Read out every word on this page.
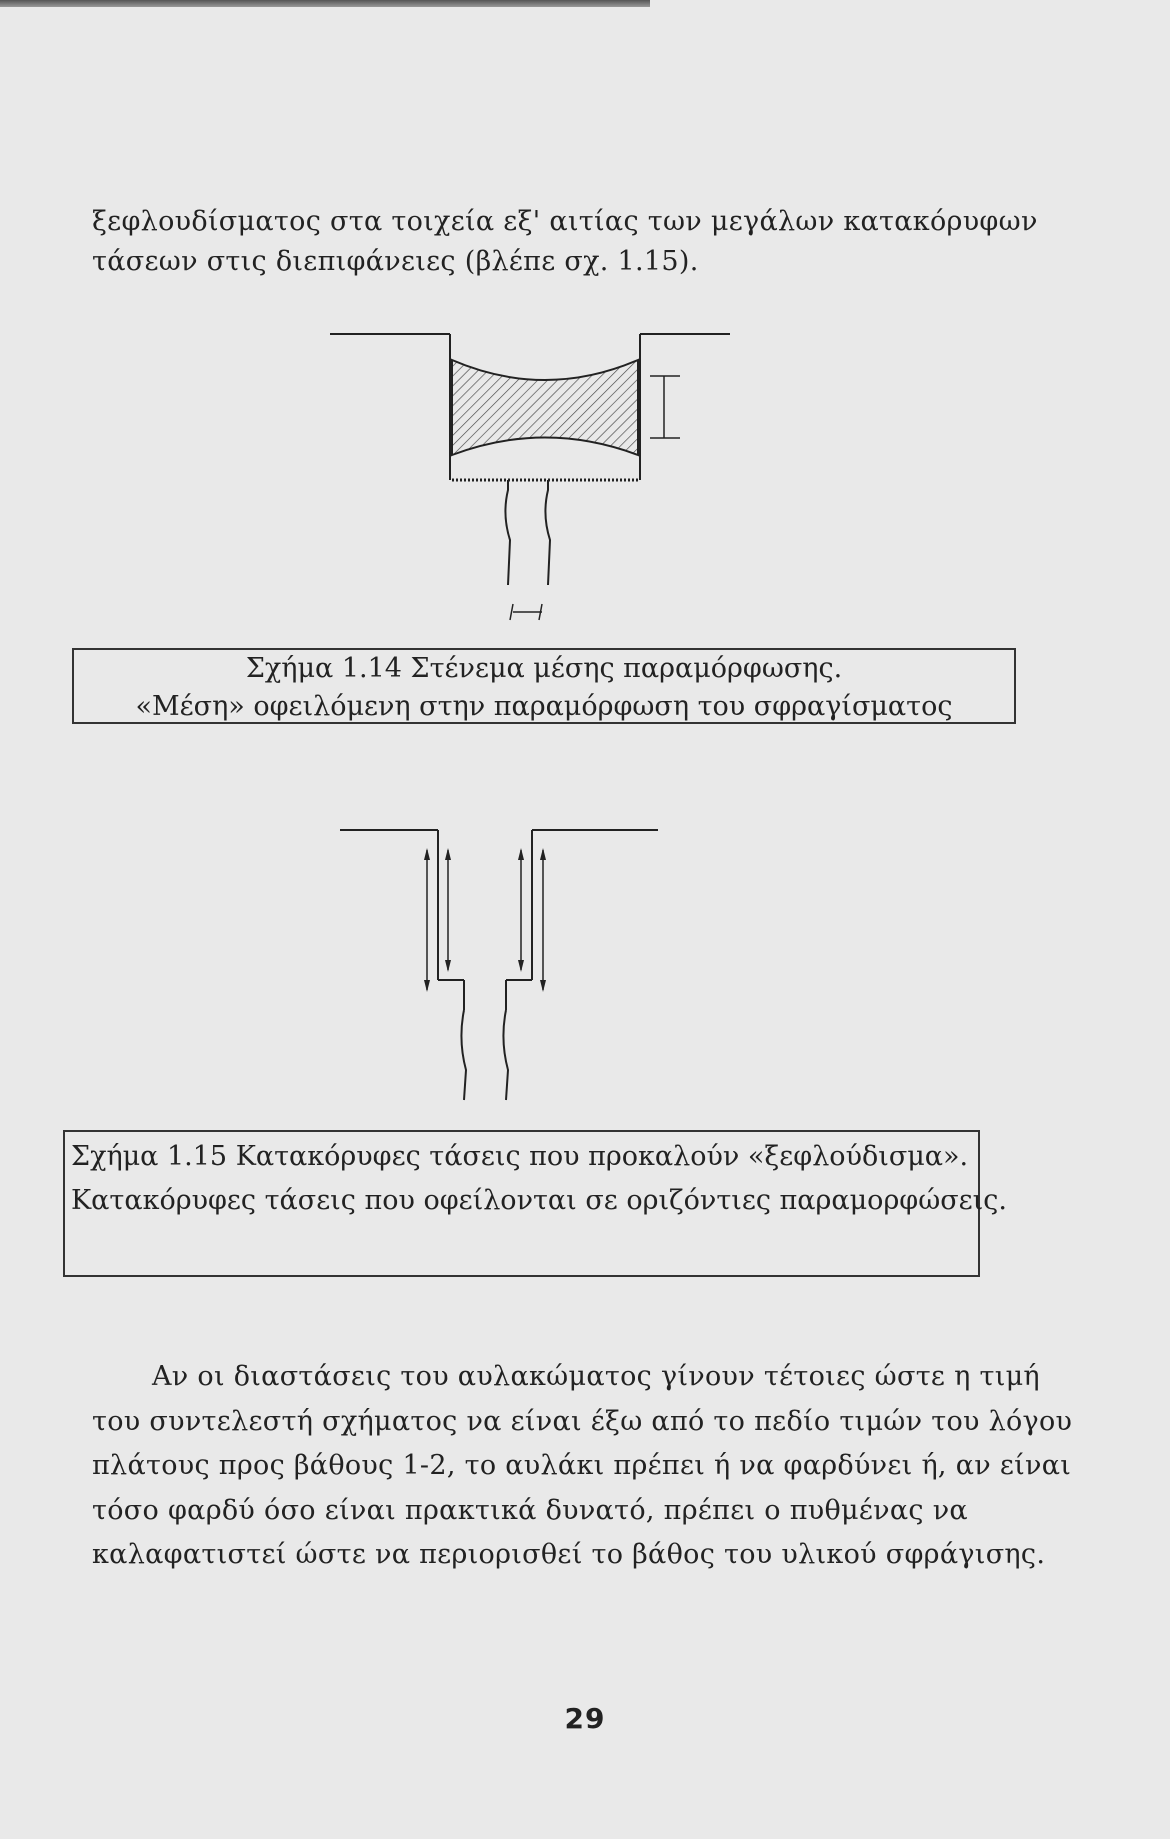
ξεφλουδίσματος στα τοιχεία εξ' αιτίας των μεγάλων κατακόρυφων
τάσεων στις διεπιφάνειες (βλέπε σχ. 1.15).

Σχήμα 1.14 Στένεμα μέσης παραμόρφωσης.
«Μέση» οφειλόμενη στην παραμόρφωση του σφραγίσματος
Σχήμα 1.15 Κατακόρυφες τάσεις που προκαλούν «ξεφλούδισμα».
Κατακόρυφες τάσεις που οφείλονται σε οριζόντιες παραμορφώσεις.

Αν οι διαστάσεις του αυλακώματος γίνουν τέτοιες ώστε η τιμή
του συντελεστή σχήματος να είναι έξω από το πεδίο τιμών του λόγου
πλάτους προς βάθους 1-2, το αυλάκι πρέπει ή να φαρδύνει ή, αν είναι
τόσο φαρδύ όσο είναι πρακτικά δυνατό, πρέπει ο πυθμένας να
καλαφατιστεί ώστε να περιορισθεί το βάθος του υλικού σφράγισης.

29
